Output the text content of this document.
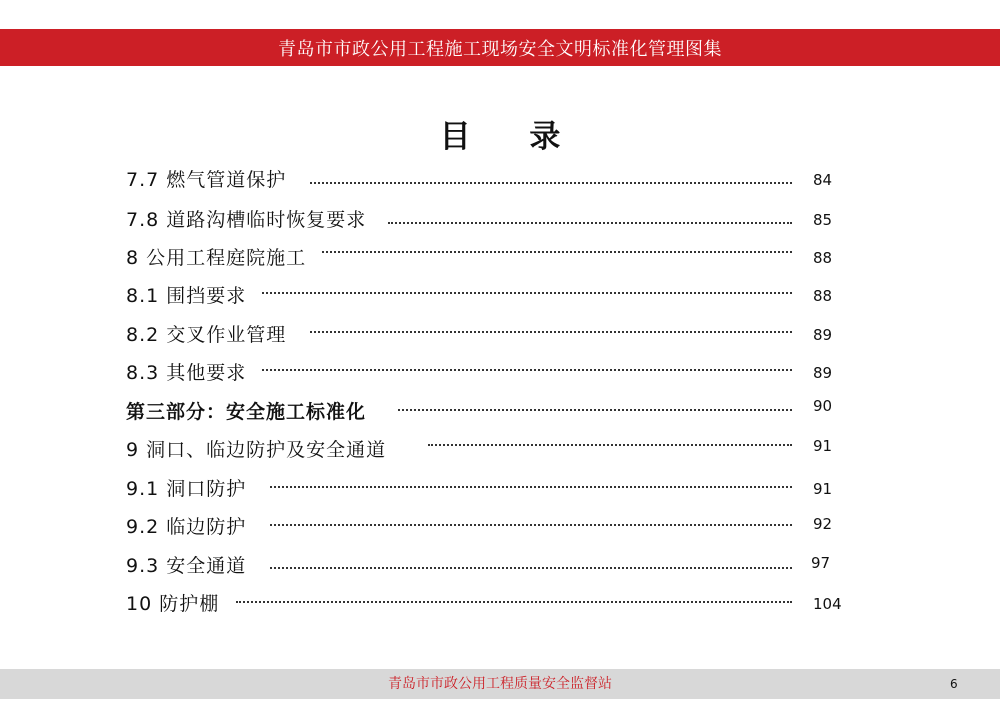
青岛市市政公用工程施工现场安全文明标准化管理图集
目 录
7.7 燃气管道保护	84
7.8 道路沟槽临时恢复要求	85
8 公用工程庭院施工	88
8.1 围挡要求	88
8.2 交叉作业管理	89
8.3 其他要求	89
第三部分：安全施工标准化	90
9 洞口、临边防护及安全通道	91
9.1 洞口防护	91
9.2 临边防护	92
9.3 安全通道	97
10 防护棚	104
青岛市市政公用工程质量安全监督站	6
